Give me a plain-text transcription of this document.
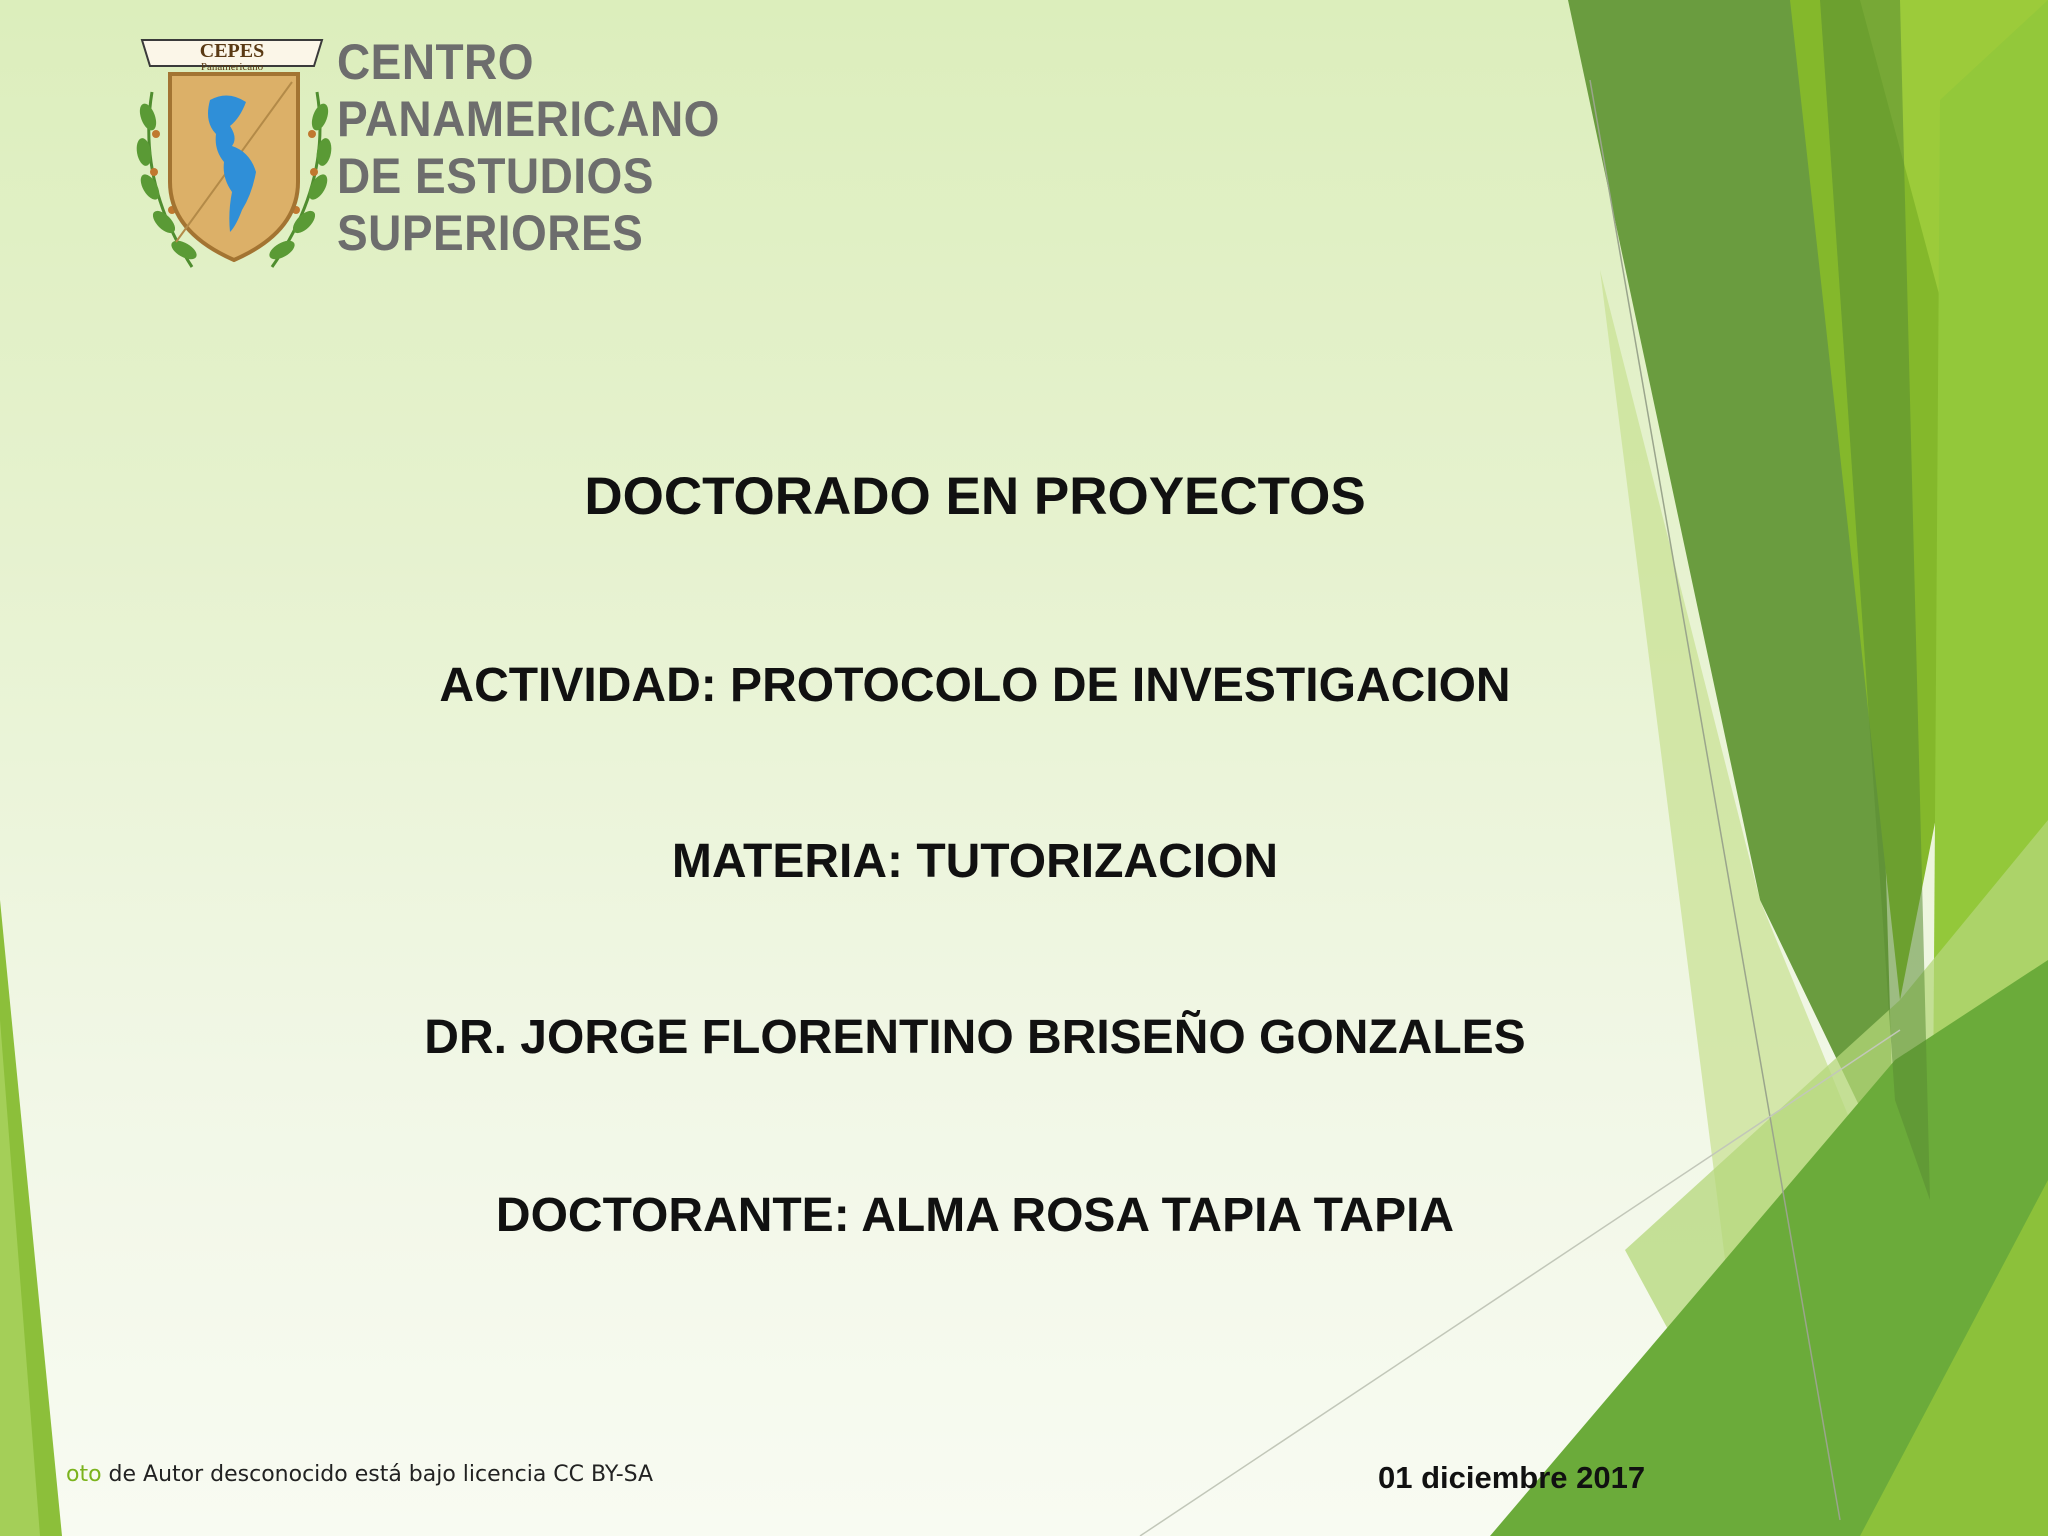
CEPES
Panamericano CENTRO
PANAMERICANO
DE ESTUDIOS
SUPERIORES

DOCTORADO EN PROYECTOS

ACTIVIDAD: PROTOCOLO DE INVESTIGACION

MATERIA: TUTORIZACION

DR. JORGE FLORENTINO BRISEÑO GONZALES

DOCTORANTE: ALMA ROSA TAPIA TAPIA

oto de Autor desconocido está bajo licencia CC BY-SA	01 diciembre 2017
